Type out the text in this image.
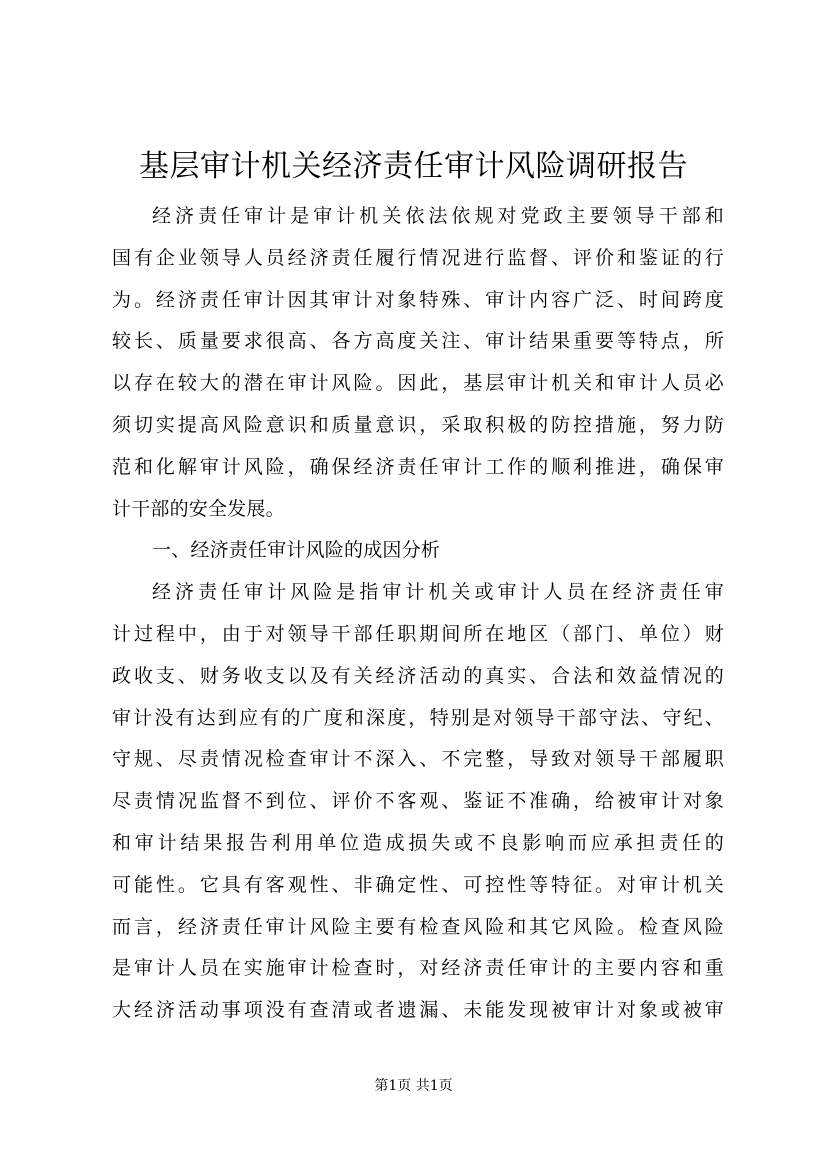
基层审计机关经济责任审计风险调研报告
经济责任审计是审计机关依法依规对党政主要领导干部和
国有企业领导人员经济责任履行情况进行监督、评价和鉴证的行
为。经济责任审计因其审计对象特殊、审计内容广泛、时间跨度
较长、质量要求很高、各方高度关注、审计结果重要等特点，所
以存在较大的潜在审计风险。因此，基层审计机关和审计人员必
须切实提高风险意识和质量意识，采取积极的防控措施，努力防
范和化解审计风险，确保经济责任审计工作的顺利推进，确保审
计干部的安全发展。
一、经济责任审计风险的成因分析
经济责任审计风险是指审计机关或审计人员在经济责任审
计过程中，由于对领导干部任职期间所在地区（部门、单位）财
政收支、财务收支以及有关经济活动的真实、合法和效益情况的
审计没有达到应有的广度和深度，特别是对领导干部守法、守纪、
守规、尽责情况检查审计不深入、不完整，导致对领导干部履职
尽责情况监督不到位、评价不客观、鉴证不准确，给被审计对象
和审计结果报告利用单位造成损失或不良影响而应承担责任的
可能性。它具有客观性、非确定性、可控性等特征。对审计机关
而言，经济责任审计风险主要有检查风险和其它风险。检查风险
是审计人员在实施审计检查时，对经济责任审计的主要内容和重
大经济活动事项没有查清或者遗漏、未能发现被审计对象或被审
第1页 共1页
